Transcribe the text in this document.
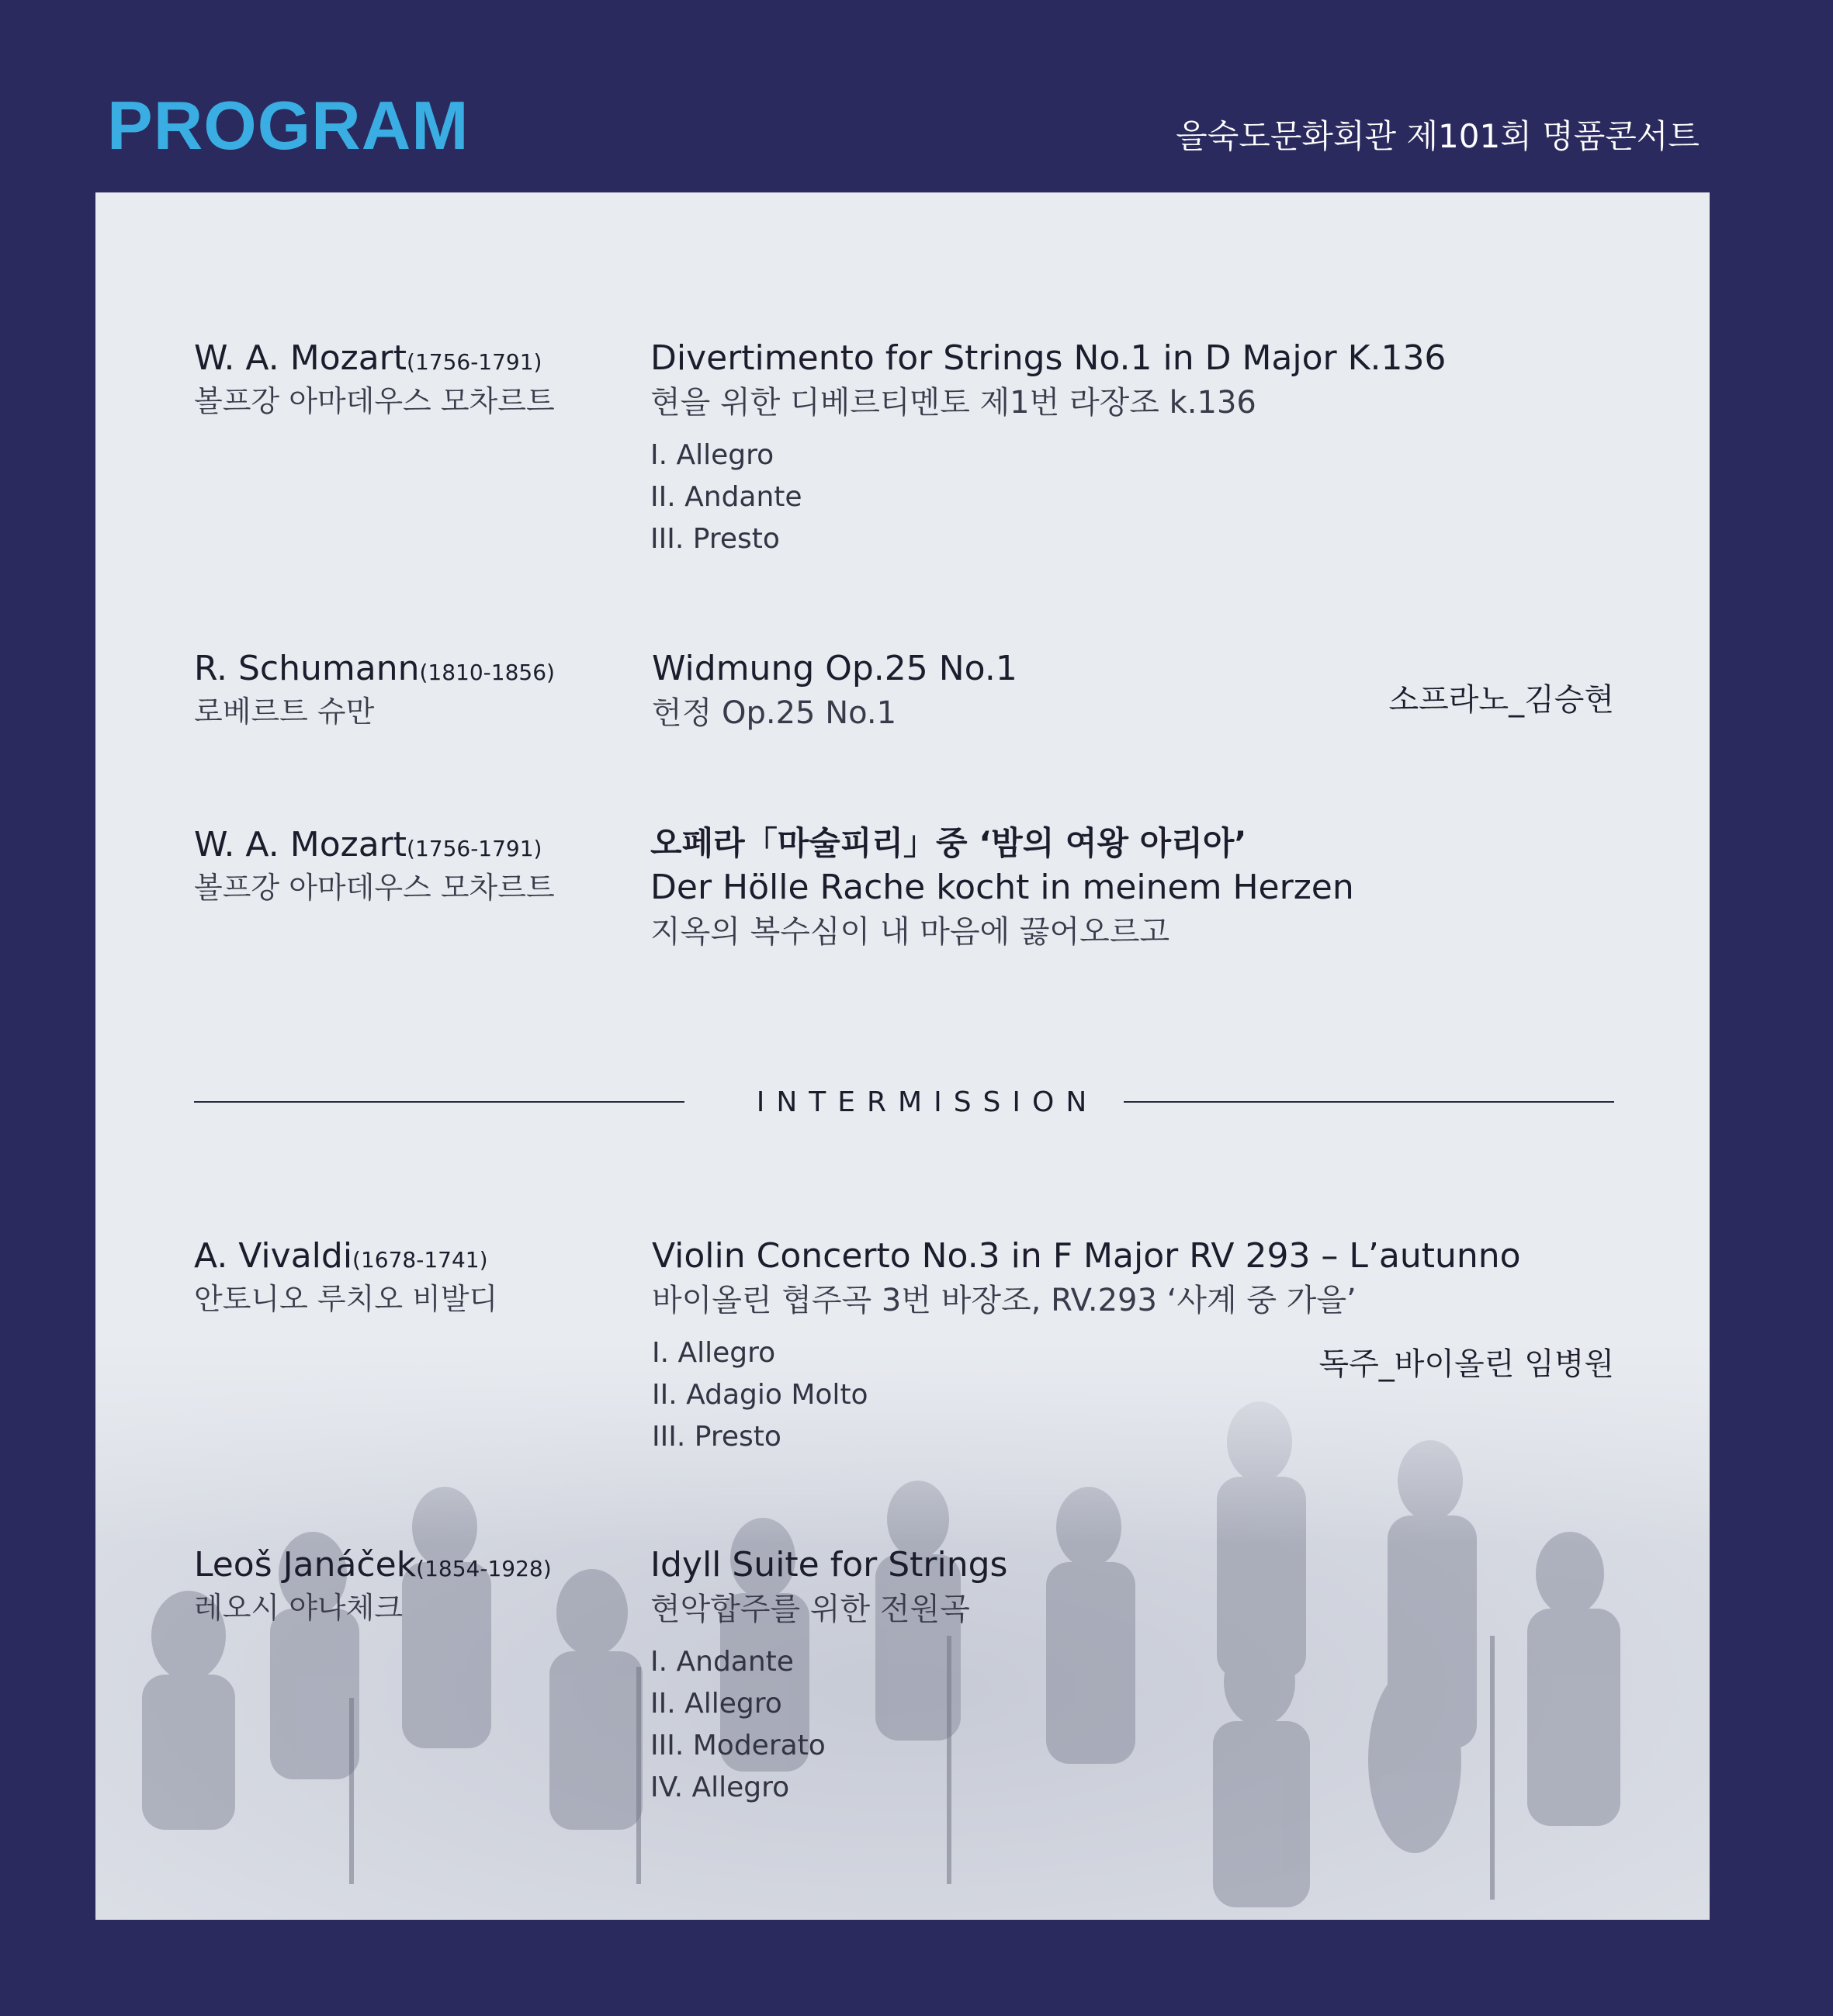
PROGRAM	을숙도문화회관 제101회 명품콘서트
W. A. Mozart(1756-1791)
볼프강 아마데우스 모차르트
Divertimento for Strings No.1 in D Major K.136
현을 위한 디베르티멘토 제1번 라장조 k.136
I. Allegro
II. Andante
III. Presto
R. Schumann(1810-1856)
로베르트 슈만
Widmung Op.25 No.1
헌정 Op.25 No.1	소프라노_김승현
W. A. Mozart(1756-1791)
볼프강 아마데우스 모차르트
오페라「마술피리」중 ‘밤의 여왕 아리아’
Der Hölle Rache kocht in meinem Herzen
지옥의 복수심이 내 마음에 끓어오르고
INTERMISSION
A. Vivaldi(1678-1741)
안토니오 루치오 비발디
Violin Concerto No.3 in F Major RV 293 – L’autunno
바이올린 협주곡 3번 바장조, RV.293 ‘사계 중 가을’
I. Allegro
II. Adagio Molto
III. Presto
독주_바이올린 임병원
Leoš Janáček(1854-1928)
레오시 야나체크
Idyll Suite for Strings
현악합주를 위한 전원곡
I. Andante
II. Allegro
III. Moderato
IV. Allegro
